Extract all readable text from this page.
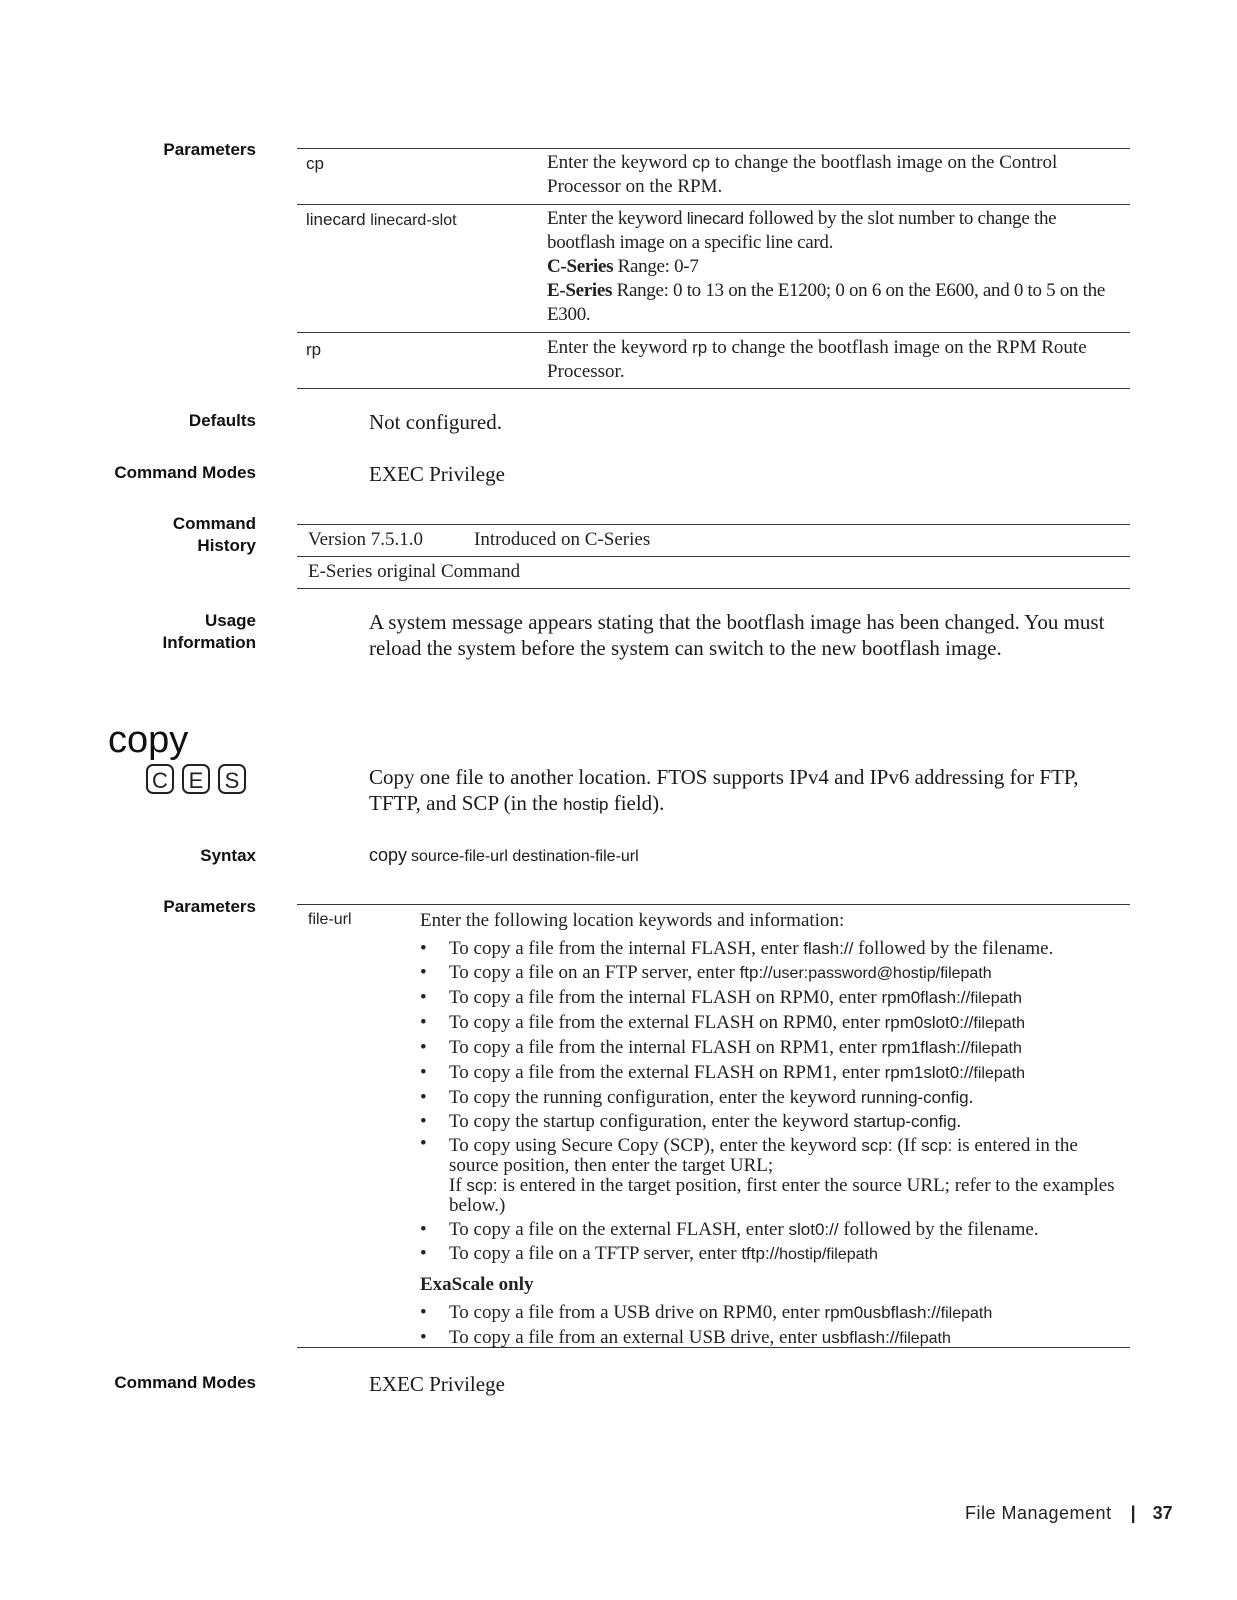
Parameters
cp	Enter the keyword cp to change the bootflash image on the Control Processor on the RPM.
linecard linecard-slot	Enter the keyword linecard followed by the slot number to change the bootflash image on a specific line card.
C-Series Range: 0-7
E-Series Range: 0 to 13 on the E1200; 0 on 6 on the E600, and 0 to 5 on the E300.
rp	Enter the keyword rp to change the bootflash image on the RPM Route Processor.
Defaults	Not configured.
Command Modes	EXEC Privilege
Command
History	Version 7.5.1.0	Introduced on C-Series
E-Series original Command
Usage
Information
A system message appears stating that the bootflash image has been changed. You must reload the system before the system can switch to the new bootflash image.
copy
C E S	Copy one file to another location. FTOS supports IPv4 and IPv6 addressing for FTP, TFTP, and SCP (in the hostip field).
Syntax	copy source-file-url destination-file-url
Parameters
file-url	Enter the following location keywords and information:
• To copy a file from the internal FLASH, enter flash:// followed by the filename.
• To copy a file on an FTP server, enter ftp://user:password@hostip/filepath
• To copy a file from the internal FLASH on RPM0, enter rpm0flash://filepath
• To copy a file from the external FLASH on RPM0, enter rpm0slot0://filepath
• To copy a file from the internal FLASH on RPM1, enter rpm1flash://filepath
• To copy a file from the external FLASH on RPM1, enter rpm1slot0://filepath
• To copy the running configuration, enter the keyword running-config.
• To copy the startup configuration, enter the keyword startup-config.
• To copy using Secure Copy (SCP), enter the keyword scp: (If scp: is entered in the source position, then enter the target URL;
If scp: is entered in the target position, first enter the source URL; refer to the examples below.)
• To copy a file on the external FLASH, enter slot0:// followed by the filename.
• To copy a file on a TFTP server, enter tftp://hostip/filepath
ExaScale only
• To copy a file from a USB drive on RPM0, enter rpm0usbflash://filepath
• To copy a file from an external USB drive, enter usbflash://filepath
Command Modes	EXEC Privilege
File Management | 37
